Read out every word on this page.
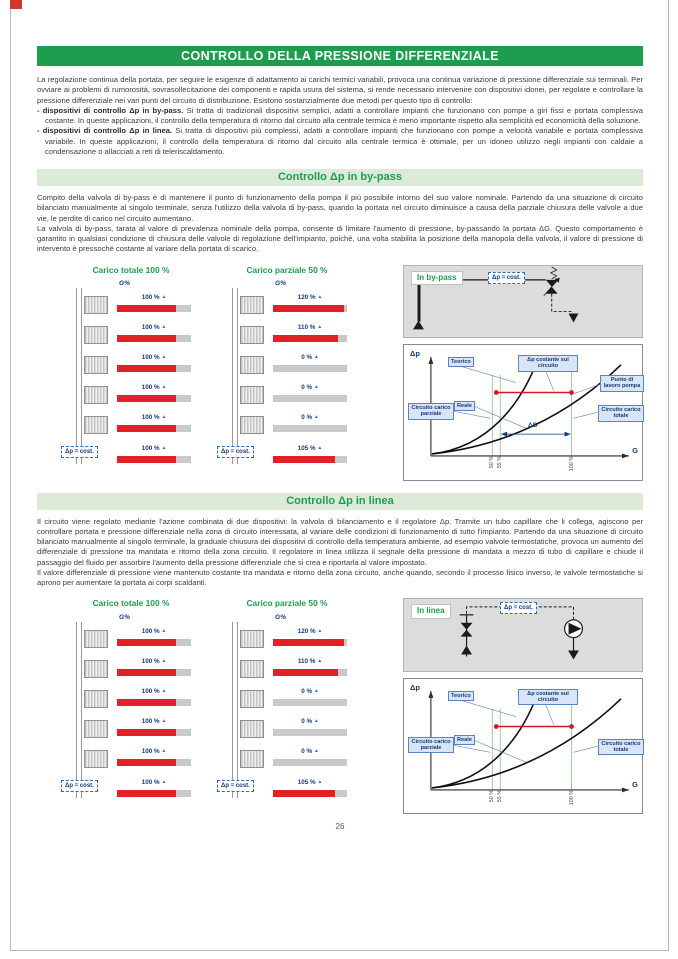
CONTROLLO DELLA PRESSIONE DIFFERENZIALE

La regolazione continua della portata, per seguire le esigenze di adattamento ai carichi termici variabili, provoca una continua variazione di pressione differenziale sui terminali. Per ovviare ai problemi di rumorosità, sovrasollecitazione dei componenti e rapida usura del sistema, si rende necessario intervenire con dispositivi idonei, per regolare e controllare la pressione differenziale nei vari punti del circuito di distribuzione. Esistono sostanzialmente due metodi per questo tipo di controllo:

- dispositivi di controllo Δp in by-pass. Si tratta di tradizionali dispositivi semplici, adatti a controllare impianti che funzionano con pompe a giri fissi e portata complessiva costante. In queste applicazioni, il controllo della temperatura di ritorno dal circuito alla centrale termica è meno importante rispetto alla semplicità ed economicità della soluzione.

- dispositivi di controllo Δp in linea. Si tratta di dispositivi più complessi, adatti a controllare impianti che funzionano con pompe a velocità variabile e portata complessiva variabile. In queste applicazioni, il controllo della temperatura di ritorno dal circuito alla centrale termica è ottimale, per un idoneo utilizzo negli impianti con caldaie a condensazione o allacciati a reti di teleriscaldamento.

Controllo Δp in by-pass

Compito della valvola di by-pass è di mantenere il punto di funzionamento della pompa il più possibile intorno del suo valore nominale. Partendo da una situazione di circuito bilanciato manualmente al singolo terminale, senza l'utilizzo della valvola di by-pass, quando la portata nel circuito diminuisce a causa della parziale chiusura delle valvole a due vie, le perdite di carico nel circuito aumentano.

La valvola di by-pass, tarata al valore di prevalenza nominale della pompa, consente di limitare l'aumento di pressione, by-passando la portata ΔG. Questo comportamento è garantito in qualsiasi condizione di chiusura delle valvole di regolazione dell'impianto, poiché, una volta stabilita la posizione della manopola della valvola, il valore di pressione di intervento è pressoché costante al variare della portata di scarico.

Carico totale 100 %
G%
100 % ▲
100 % ▲
100 % ▲
100 % ▲
100 % ▲
Δp = cost.	100 % ▲
Carico parziale 50 %
G%
120 % ▲
110 % ▲
0 % ▲
0 % ▲
0 % ▲
Δp = cost.	105 % ▲
In by-pass	Δp = cost.
Δp
G
Teorico	Δp costante sul circuito
Punto di lavoro pompa
Reale
Circuito carico parziale
Circuito carico totale
ΔG
50 % 55 %	100 %
Controllo Δp in linea

Il circuito viene regolato mediante l'azione combinata di due dispositivi: la valvola di bilanciamento e il regolatore Δp. Tramite un tubo capillare che li collega, agiscono per controllare portata e pressione differenziale nella zona di circuito interessata, al variare delle condizioni di funzionamento di tutto l'impianto. Partendo da una situazione di circuito bilanciato manualmente al singolo terminale, la graduale chiusura dei dispositivi di controllo della temperatura ambiente, ad esempio valvole termostatiche, provoca un aumento del differenziale di pressione tra mandata e ritorno della zona circuito. Il regolatore in linea utilizza il segnale della pressione di mandata a mezzo di tubo di capillare e chiude il passaggio del fluido per assorbire l'aumento della pressione differenziale che si crea e riportarla al valore impostato.

Il valore differenziale di pressione viene mantenuto costante tra mandata e ritorno della zona circuito, anche quando, secondo il processo fisico inverso, le valvole termostatiche si aprono per aumentare la portata ai corpi scaldanti.

Carico totale 100 %
G%
100 % ▲
100 % ▲
100 % ▲
100 % ▲
100 % ▲
Δp = cost.	100 % ▲
Carico parziale 50 %
G%
120 % ▲
110 % ▲
0 % ▲
0 % ▲
0 % ▲
Δp = cost.	105 % ▲
In linea	Δp = cost.
Δp
G
Teorico	Δp costante sul circuito
Reale
Circuito carico parziale
Circuito carico totale
50 % 55 %	100 %
26
